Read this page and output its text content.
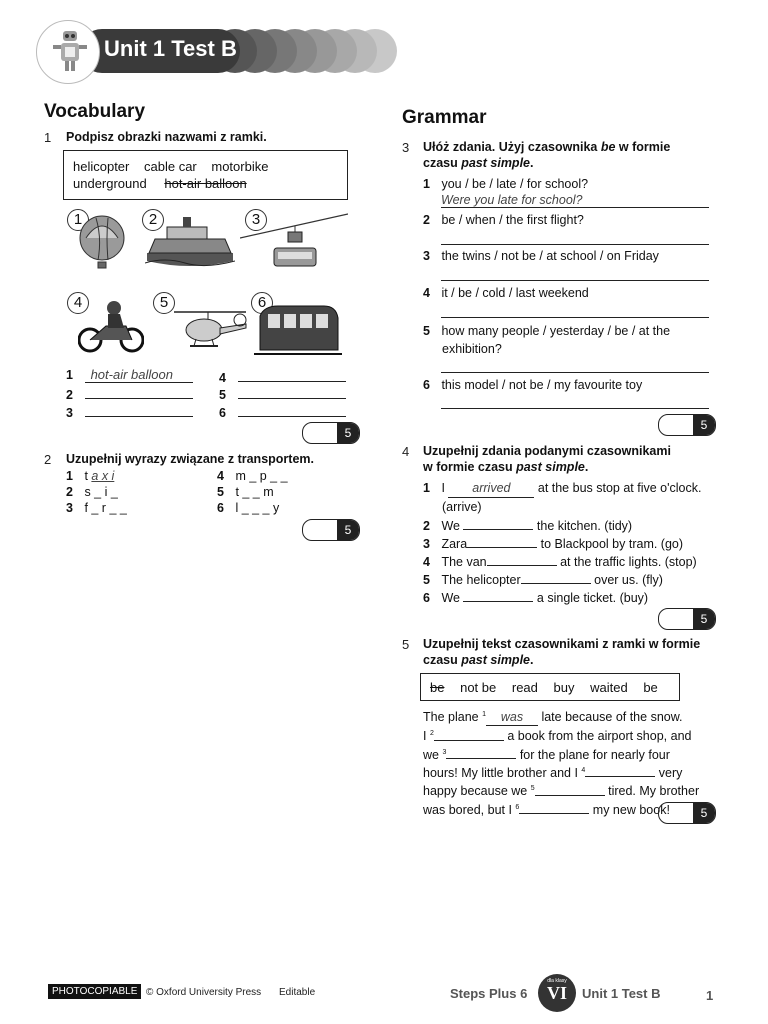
Unit 1 Test B
Vocabulary
1 Podpisz obrazki nazwami z ramki.
helicopter cable car motorbike
underground hot-air balloon
1	2	3
4	5	6
1 hot-air balloon
2
3
4
5
6
5
2 Uzupełnij wyrazy związane z transportem.
1 t a x i
2 s _ i _
3 f _ r _ _
4 m _ p _ _
5 t _ _ m
6 l _ _ _ y
5
Grammar
3 Ułóż zdania. Użyj czasownika be w formie
czasu past simple.
1 you / be / late / for school?
Were you late for school?
2 be / when / the first flight?
3 the twins / not be / at school / on Friday
4 it / be / cold / last weekend
5 how many people / yesterday / be / at the
exhibition?
6 this model / not be / my favourite toy
5
4 Uzupełnij zdania podanymi czasownikami
w formie czasu past simple.
1 I arrived at the bus stop at five o'clock.
(arrive)
2 We	the kitchen. (tidy)
3 Zara	to Blackpool by tram. (go)
4 The van	at the traffic lights. (stop)
5 The helicopter	over us. (fly)
6 We	a single ticket. (buy)
5
5 Uzupełnij tekst czasownikami z ramki w formie
czasu past simple.
be not be read buy waited be
The plane $^1$ was late because of the snow.
I $^2$	a book from the airport shop, and
we $^3$	for the plane for nearly four
hours! My little brother and I $^4$	very
happy because we $^5$	tired. My brother
was bored, but I $^6$	my new book!	5
PHOTOCOPIABLE © Oxford University Press Editable	Steps Plus 6
dla klasy
VI	Unit 1 Test B	1
